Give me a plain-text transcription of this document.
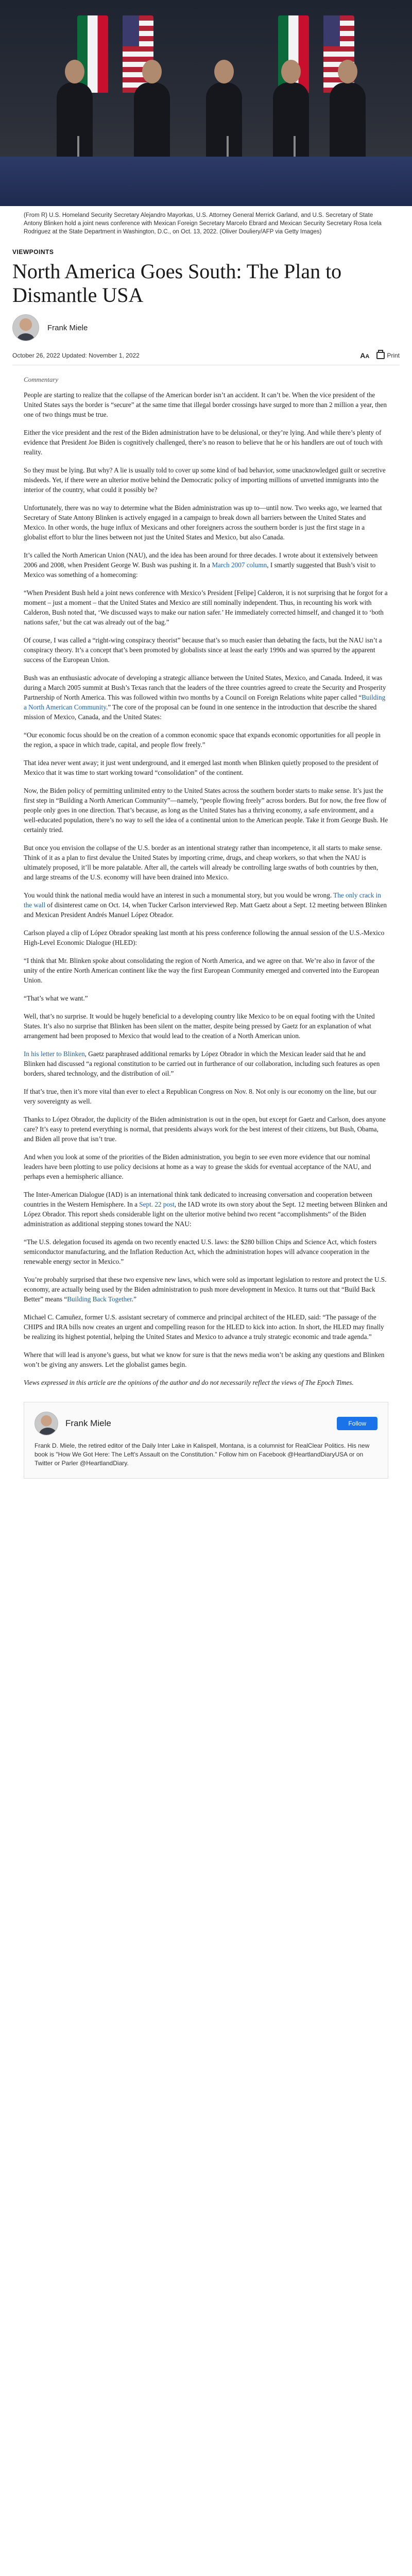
(From R) U.S. Homeland Security Secretary Alejandro Mayorkas, U.S. Attorney General Merrick Garland, and U.S. Secretary of State Antony Blinken hold a joint news conference with Mexican Foreign Secretary Marcelo Ebrard and Mexican Security Secretary Rosa Icela Rodriguez at the State Department in Washington, D.C., on Oct. 13, 2022. (Oliver Douliery/AFP via Getty Images)
VIEWPOINTS
North America Goes South: The Plan to Dismantle USA
Frank Miele
October 26, 2022 Updated: November 1, 2022	AA	Print
Commentary

People are starting to realize that the collapse of the American border isn’t an accident. It can’t be. When the vice president of the United States says the border is “secure” at the same time that illegal border crossings have surged to more than 2 million a year, then one of two things must be true.

Either the vice president and the rest of the Biden administration have to be delusional, or they’re lying. And while there’s plenty of evidence that President Joe Biden is cognitively challenged, there’s no reason to believe that he or his handlers are out of touch with reality.

So they must be lying. But why? A lie is usually told to cover up some kind of bad behavior, some unacknowledged guilt or secretive misdeeds. Yet, if there were an ulterior motive behind the Democratic policy of importing millions of unvetted immigrants into the interior of the country, what could it possibly be?

Unfortunately, there was no way to determine what the Biden administration was up to—until now. Two weeks ago, we learned that Secretary of State Antony Blinken is actively engaged in a campaign to break down all barriers between the United States and Mexico. In other words, the huge influx of Mexicans and other foreigners across the southern border is just the first stage in a globalist effort to blur the lines between not just the United States and Mexico, but also Canada.

It’s called the North American Union (NAU), and the idea has been around for three decades. I wrote about it extensively between 2006 and 2008, when President George W. Bush was pushing it. In a March 2007 column, I smartly suggested that Bush’s visit to Mexico was something of a homecoming:

“When President Bush held a joint news conference with Mexico’s President [Felipe] Calderon, it is not surprising that he forgot for a moment – just a moment – that the United States and Mexico are still nominally independent. Thus, in recounting his work with Calderon, Bush noted that, ‘We discussed ways to make our nation safer.’ He immediately corrected himself, and changed it to ‘both nations safer,’ but the cat was already out of the bag.”

Of course, I was called a “right-wing conspiracy theorist” because that’s so much easier than debating the facts, but the NAU isn’t a conspiracy theory. It’s a concept that’s been promoted by globalists since at least the early 1990s and was spurred by the apparent success of the European Union.

Bush was an enthusiastic advocate of developing a strategic alliance between the United States, Mexico, and Canada. Indeed, it was during a March 2005 summit at Bush’s Texas ranch that the leaders of the three countries agreed to create the Security and Prosperity Partnership of North America. This was followed within two months by a Council on Foreign Relations white paper called “Building a North American Community.” The core of the proposal can be found in one sentence in the introduction that describe the shared mission of Mexico, Canada, and the United States:

“Our economic focus should be on the creation of a common economic space that expands economic opportunities for all people in the region, a space in which trade, capital, and people flow freely.”

That idea never went away; it just went underground, and it emerged last month when Blinken quietly proposed to the president of Mexico that it was time to start working toward “consolidation” of the continent.

Now, the Biden policy of permitting unlimited entry to the United States across the southern border starts to make sense. It’s just the first step in “Building a North American Community”—namely, “people flowing freely” across borders. But for now, the free flow of people only goes in one direction. That’s because, as long as the United States has a thriving economy, a safe environment, and a well-educated population, there’s no way to sell the idea of a continental union to the American people. Take it from George Bush. He certainly tried.

But once you envision the collapse of the U.S. border as an intentional strategy rather than incompetence, it all starts to make sense. Think of it as a plan to first devalue the United States by importing crime, drugs, and cheap workers, so that when the NAU is ultimately proposed, it’ll be more palatable. After all, the cartels will already be controlling large swaths of both countries by then, and large streams of the U.S. economy will have been drained into Mexico.

You would think the national media would have an interest in such a monumental story, but you would be wrong. The only crack in the wall of disinterest came on Oct. 14, when Tucker Carlson interviewed Rep. Matt Gaetz about a Sept. 12 meeting between Blinken and Mexican President Andrés Manuel López Obrador.

Carlson played a clip of López Obrador speaking last month at his press conference following the annual session of the U.S.-Mexico High-Level Economic Dialogue (HLED):

“I think that Mr. Blinken spoke about consolidating the region of North America, and we agree on that. We’re also in favor of the unity of the entire North American continent like the way the first European Community emerged and converted into the European Union.

“That’s what we want.”

Well, that’s no surprise. It would be hugely beneficial to a developing country like Mexico to be on equal footing with the United States. It’s also no surprise that Blinken has been silent on the matter, despite being pressed by Gaetz for an explanation of what arrangement had been proposed to Mexico that would lead to the creation of a North American union.

In his letter to Blinken, Gaetz paraphrased additional remarks by López Obrador in which the Mexican leader said that he and Blinken had discussed “a regional constitution to be carried out in furtherance of our collaboration, including such features as open borders, shared technology, and the distribution of oil.”

If that’s true, then it’s more vital than ever to elect a Republican Congress on Nov. 8. Not only is our economy on the line, but our very sovereignty as well.

Thanks to López Obrador, the duplicity of the Biden administration is out in the open, but except for Gaetz and Carlson, does anyone care? It’s easy to pretend everything is normal, that presidents always work for the best interest of their citizens, but Bush, Obama, and Biden all prove that isn’t true.

And when you look at some of the priorities of the Biden administration, you begin to see even more evidence that our nominal leaders have been plotting to use policy decisions at home as a way to grease the skids for eventual acceptance of the NAU, and perhaps even a hemispheric alliance.

The Inter-American Dialogue (IAD) is an international think tank dedicated to increasing conversation and cooperation between countries in the Western Hemisphere. In a Sept. 22 post, the IAD wrote its own story about the Sept. 12 meeting between Blinken and López Obrador. This report sheds considerable light on the ulterior motive behind two recent “accomplishments” of the Biden administration as additional stepping stones toward the NAU:

“The U.S. delegation focused its agenda on two recently enacted U.S. laws: the $280 billion Chips and Science Act, which fosters semiconductor manufacturing, and the Inflation Reduction Act, which the administration hopes will advance cooperation in the renewable energy sector in Mexico.”

You’re probably surprised that these two expensive new laws, which were sold as important legislation to restore and protect the U.S. economy, are actually being used by the Biden administration to push more development in Mexico. It turns out that “Build Back Better” means “Building Back Together.”

Michael C. Camuñez, former U.S. assistant secretary of commerce and principal architect of the HLED, said: “The passage of the CHIPS and IRA bills now creates an urgent and compelling reason for the HLED to kick into action. In short, the HLED may finally be realizing its highest potential, helping the United States and Mexico to advance a truly strategic economic and trade agenda.”

Where that will lead is anyone’s guess, but what we know for sure is that the news media won’t be asking any questions and Blinken won’t be giving any answers. Let the globalist games begin.

Views expressed in this article are the opinions of the author and do not necessarily reflect the views of The Epoch Times.

Frank Miele	Follow
Frank D. Miele, the retired editor of the Daily Inter Lake in Kalispell, Montana, is a columnist for RealClear Politics. His new book is "How We Got Here: The Left's Assault on the Constitution." Follow him on Facebook @HeartlandDiaryUSA or on Twitter or Parler @HeartlandDiary.
